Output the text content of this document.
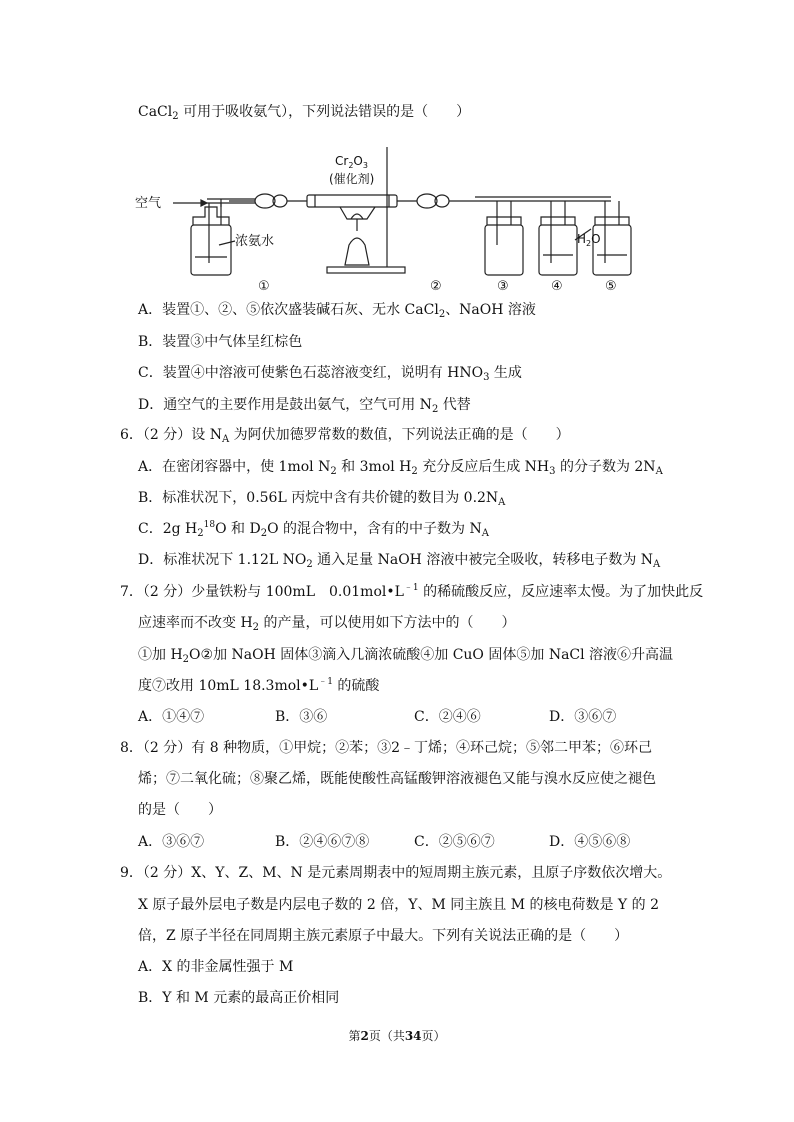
CaCl$_2$ 可用于吸收氨气），下列说法错误的是（　　）
空气
浓氨水
$Cr_2O_3$
(催化剂)
$H_2O$
①	②	③	④	⑤
A．装置①、②、⑤依次盛装碱石灰、无水 CaCl$_2$、NaOH 溶液
B．装置③中气体呈红棕色
C．装置④中溶液可使紫色石蕊溶液变红，说明有 $HNO_3$ 生成
D．通空气的主要作用是鼓出氨气，空气可用 $N_2$ 代替
6．（2 分）设 $N_A$ 为阿伏加德罗常数的数值，下列说法正确的是（　　）
A．在密闭容器中，使 1mol $N_2$ 和 3mol $H_2$ 充分反应后生成 $NH_3$ 的分子数为 $2N_A$
B．标准状况下，0.56L 丙烷中含有共价键的数目为 $0.2N_A$
C．2g $H_2^{18}O$ 和 $D_2O$ 的混合物中，含有的中子数为 $N_A$
D．标准状况下 1.12L $NO_2$ 通入足量 NaOH 溶液中被完全吸收，转移电子数为 $N_A$
7．（2 分）少量铁粉与 100mL　$0.01mol•L^{﹣1}$ 的稀硫酸反应，反应速率太慢。为了加快此反
应速率而不改变 $H_2$ 的产量，可以使用如下方法中的（　　）
①加 $H_2O②$加 NaOH 固体③滴入几滴浓硫酸④加 CuO 固体⑤加 NaCl 溶液⑥升高温
度⑦改用 10mL $18.3mol•L^{﹣1}$ 的硫酸
A．①④⑦	B．③⑥	C．②④⑥	D．③⑥⑦
8．（2 分）有 8 种物质，①甲烷；②苯；③2﹣丁烯；④环己烷；⑤邻二甲苯；⑥环己
烯；⑦二氧化硫；⑧聚乙烯，既能使酸性高锰酸钾溶液褪色又能与溴水反应使之褪色
的是（　　）
A．③⑥⑦	B．②④⑥⑦⑧	C．②⑤⑥⑦	D．④⑤⑥⑧
9．（2 分）X、Y、Z、M、N 是元素周期表中的短周期主族元素，且原子序数依次增大。
X 原子最外层电子数是内层电子数的 2 倍，Y、M 同主族且 M 的核电荷数是 Y 的 2
倍，Z 原子半径在同周期主族元素原子中最大。下列有关说法正确的是（　　）
A．X 的非金属性强于 M
B．Y 和 M 元素的最高正价相同
第2页（共34页）
